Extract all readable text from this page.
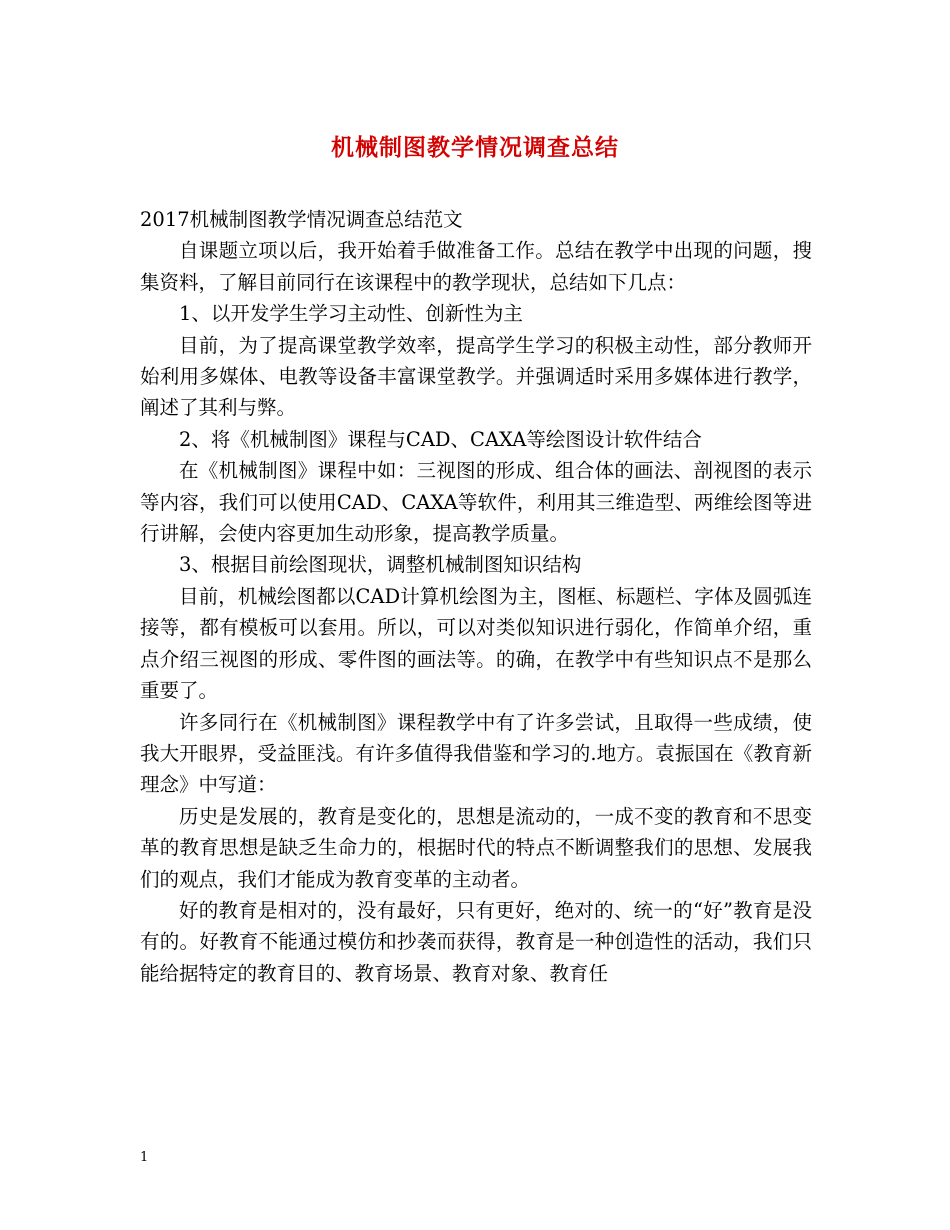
机械制图教学情况调查总结

2017机械制图教学情况调查总结范文

自课题立项以后，我开始着手做准备工作。总结在教学中出现的问题，搜集资料，了解目前同行在该课程中的教学现状，总结如下几点：

1、以开发学生学习主动性、创新性为主

目前，为了提高课堂教学效率，提高学生学习的积极主动性，部分教师开始利用多媒体、电教等设备丰富课堂教学。并强调适时采用多媒体进行教学，阐述了其利与弊。

2、将《机械制图》课程与CAD、CAXA等绘图设计软件结合

在《机械制图》课程中如：三视图的形成、组合体的画法、剖视图的表示等内容，我们可以使用CAD、CAXA等软件，利用其三维造型、两维绘图等进行讲解，会使内容更加生动形象，提高教学质量。

3、根据目前绘图现状，调整机械制图知识结构

目前，机械绘图都以CAD计算机绘图为主，图框、标题栏、字体及圆弧连接等，都有模板可以套用。所以，可以对类似知识进行弱化，作简单介绍，重点介绍三视图的形成、零件图的画法等。的确，在教学中有些知识点不是那么重要了。

许多同行在《机械制图》课程教学中有了许多尝试，且取得一些成绩，使我大开眼界，受益匪浅。有许多值得我借鉴和学习的.地方。袁振国在《教育新理念》中写道：

历史是发展的，教育是变化的，思想是流动的，一成不变的教育和不思变革的教育思想是缺乏生命力的，根据时代的特点不断调整我们的思想、发展我们的观点，我们才能成为教育变革的主动者。

好的教育是相对的，没有最好，只有更好，绝对的、统一的“好”教育是没有的。好教育不能通过模仿和抄袭而获得，教育是一种创造性的活动，我们只能给据特定的教育目的、教育场景、教育对象、教育任

1
